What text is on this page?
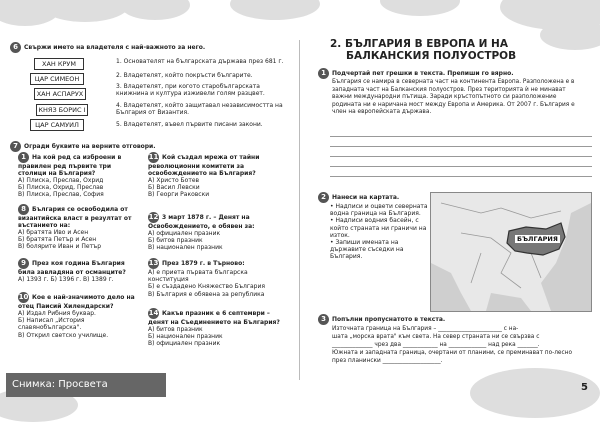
6 Свържи името на владетеля с най-важното за него.
ХАН КРУМ
ЦАР СИМЕОН
ХАН АСПАРУХ
КНЯЗ БОРИС I
ЦАР САМУИЛ
1. Основателят на българската държава през 681 г.
2. Владетелят, който покръсти българите.
3. Владетелят, при когото старобългарската книжнина и култура изживели голям разцвет.
4. Владетелят, който защитавал независимостта на България от Византия.
5. Владетелят, въвел първите писани закони.
7 Огради буквите на верните отговори.
1 На кой ред са изброени в правилен ред първите три столици на България?
А) Плиска, Преслав, Охрид
Б) Плиска, Охрид, Преслав
В) Плиска, Преслав, София
8 България се освободила от византийска власт в резултат от въстанието на:
А) братята Иво и Асен
Б) братята Петър и Асен
В) болярите Иван и Петър
9 През коя година България била завладяна от османците?
А) 1393 г. Б) 1396 г. В) 1389 г.
10 Кое е най-значимото дело на отец Паисий Хилендарски?
А) Издал Рибния буквар.
Б) Написал „История славянобългарска".
В) Открил светско училище.
11 Кой създал мрежа от тайни революционни комитети за освобождението на България?
А) Христо Ботев
Б) Васил Левски
В) Георги Раковски
12 3 март 1878 г. – Денят на Освобождението, е обявен за:
А) официален празник
Б) битов празник
В) национален празник
13 През 1879 г. в Търново:
А) е приета първата българска конституция
Б) е създадено Княжество България
В) България е обявена за република
14 Какъв празник е 6 септември – денят на Съединението на България?
А) битов празник
Б) национален празник
В) официален празник
2. БЪЛГАРИЯ В ЕВРОПА И НА
БАЛКАНСКИЯ ПОЛУОСТРОВ
1 Подчертай пет грешки в текста. Препиши го вярно.
България се намира в северната част на континента Европа. Разположена е в западната част на Балканския полуостров. През територията ѝ не минават важни международни пътища. Заради кръстопътното си разположение родината ни е наричана мост между Европа и Америка. От 2007 г. България е член на европейската държава.
2 Нанеси на картата.
• Надписи и оцвети северната водна граница на България.
• Надписи водния басейн, с който страната ни граничи на изток.
• Запиши имената на държавите съседки на България.
БЪЛГАРИЯ
3 Попълни пропуснатото в текста.
Източната граница на България – ______________________ с на-
шата „морска врата" към света. На север страната ни се свързва с
______________ чрез два ____________ на _____________ над река _______.
Южната и западната граница, очертани от планини, се преминават по-лесно
през планински ____________________.
5
Снимка: Просвета
